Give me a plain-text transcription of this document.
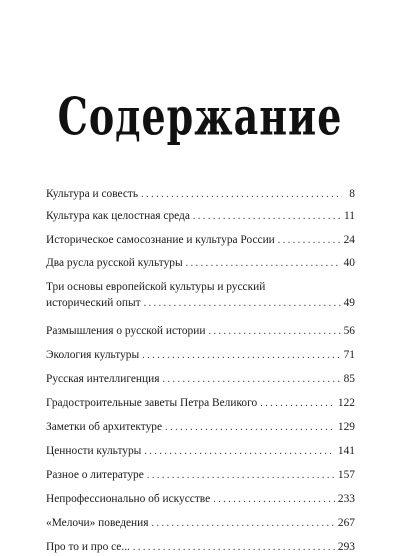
Содержание
Культура и совесть . . .	8
Культура как целостная среда . . .	11
Историческое самосознание и культура России . . .	24
Два русла русской культуры . . .	40
Три основы европейской культуры и русский
исторический опыт . . .	49
Размышления о русской истории . . .	56
Экология культуры . . .	71
Русская интеллигенция . . .	85
Градостроительные заветы Петра Великого . . .	122
Заметки об архитектуре . . .	129
Ценности культуры . . .	141
Разное о литературе . . .	157
Непрофессионально об искусстве . . .	233
«Мелочи» поведения . . .	267
Про то и про се... . . .	293
